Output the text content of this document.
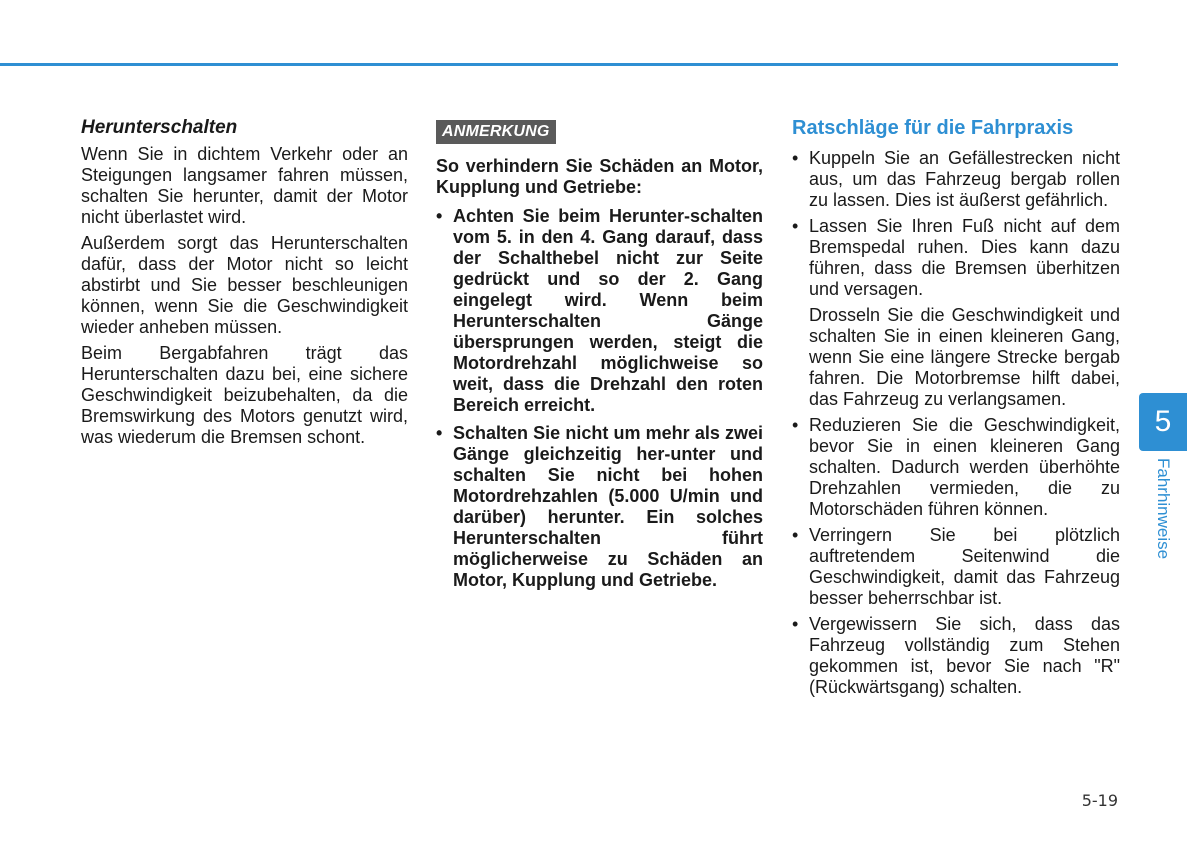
Herunterschalten

Wenn Sie in dichtem Verkehr oder an Steigungen langsamer fahren müssen, schalten Sie herunter, damit der Motor nicht überlastet wird.

Außerdem sorgt das Herunterschalten dafür, dass der Motor nicht so leicht abstirbt und Sie besser beschleunigen können, wenn Sie die Geschwindigkeit wieder anheben müssen.

Beim Bergabfahren trägt das Herunterschalten dazu bei, eine sichere Geschwindigkeit beizubehalten, da die Bremswirkung des Motors genutzt wird, was wiederum die Bremsen schont.

ANMERKUNG

So verhindern Sie Schäden an Motor, Kupplung und Getriebe:

• Achten Sie beim Herunter-schalten vom 5. in den 4. Gang darauf, dass der Schalthebel nicht zur Seite gedrückt und so der 2. Gang eingelegt wird. Wenn beim Herunterschalten Gänge übersprungen werden, steigt die Motordrehzahl möglichweise so weit, dass die Drehzahl den roten Bereich erreicht.
• Schalten Sie nicht um mehr als zwei Gänge gleichzeitig her-unter und schalten Sie nicht bei hohen Motordrehzahlen (5.000 U/min und darüber) herunter. Ein solches Herunterschalten führt möglicherweise zu Schäden an Motor, Kupplung und Getriebe.
Ratschläge für die Fahrpraxis
• Kuppeln Sie an Gefällestrecken nicht aus, um das Fahrzeug bergab rollen zu lassen. Dies ist äußerst gefährlich.
• Lassen Sie Ihren Fuß nicht auf dem Bremspedal ruhen. Dies kann dazu führen, dass die Bremsen überhitzen und versagen.
Drosseln Sie die Geschwindigkeit und schalten Sie in einen kleineren Gang, wenn Sie eine längere Strecke bergab fahren. Die Motorbremse hilft dabei, das Fahrzeug zu verlangsamen.
• Reduzieren Sie die Geschwindigkeit, bevor Sie in einen kleineren Gang schalten. Dadurch werden überhöhte Drehzahlen vermieden, die zu Motorschäden führen können.
• Verringern Sie bei plötzlich auftretendem Seitenwind die Geschwindigkeit, damit das Fahrzeug besser beherrschbar ist.
• Vergewissern Sie sich, dass das Fahrzeug vollständig zum Stehen gekommen ist, bevor Sie nach "R" (Rückwärtsgang) schalten.
5
Fahrhinweise
5-19
